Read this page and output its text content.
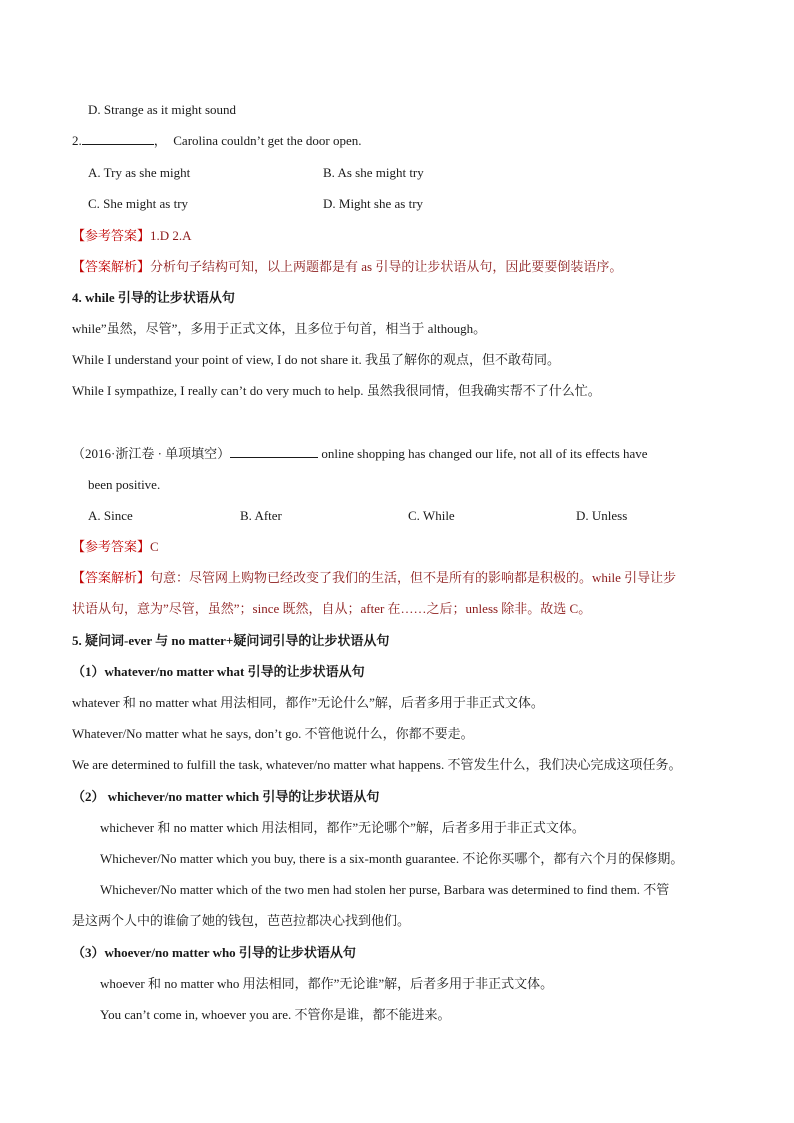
D. Strange as it might sound
2.	， Carolina couldn’t get the door open.
A. Try as she might	B. As she might try
C. She might as try	D. Might she as try
【参考答案】1.D 2.A
【答案解析】分析句子结构可知，以上两题都是有 as 引导的让步状语从句，因此要要倒装语序。
4. while 引导的让步状语从句
while”虽然，尽管”，多用于正式文体，且多位于句首，相当于 although。
While I understand your point of view, I do not share it. 我虽了解你的观点，但不敢苟同。
While I sympathize, I really can’t do very much to help. 虽然我很同情，但我确实帮不了什么忙。
（2016·浙江卷 · 单项填空）	online shopping has changed our life, not all of its effects have
been positive.
A. Since	B. After	C. While	D. Unless
【参考答案】C
【答案解析】句意：尽管网上购物已经改变了我们的生活，但不是所有的影响都是积极的。while 引导让步
状语从句，意为”尽管，虽然”；since 既然，自从；after 在……之后；unless 除非。故选 C。
5. 疑问词-ever 与 no matter+疑问词引导的让步状语从句
（1）whatever/no matter what 引导的让步状语从句
whatever 和 no matter what 用法相同，都作”无论什么”解，后者多用于非正式文体。
Whatever/No matter what he says, don’t go. 不管他说什么，你都不要走。
We are determined to fulfill the task, whatever/no matter what happens. 不管发生什么，我们决心完成这项任务。
（2） whichever/no matter which 引导的让步状语从句
whichever 和 no matter which 用法相同，都作”无论哪个”解，后者多用于非正式文体。
Whichever/No matter which you buy, there is a six-month guarantee. 不论你买哪个，都有六个月的保修期。
Whichever/No matter which of the two men had stolen her purse, Barbara was determined to find them. 不管
是这两个人中的谁偷了她的钱包，芭芭拉都决心找到他们。
（3）whoever/no matter who 引导的让步状语从句
whoever 和 no matter who 用法相同，都作”无论谁”解，后者多用于非正式文体。
You can’t come in, whoever you are. 不管你是谁，都不能进来。
